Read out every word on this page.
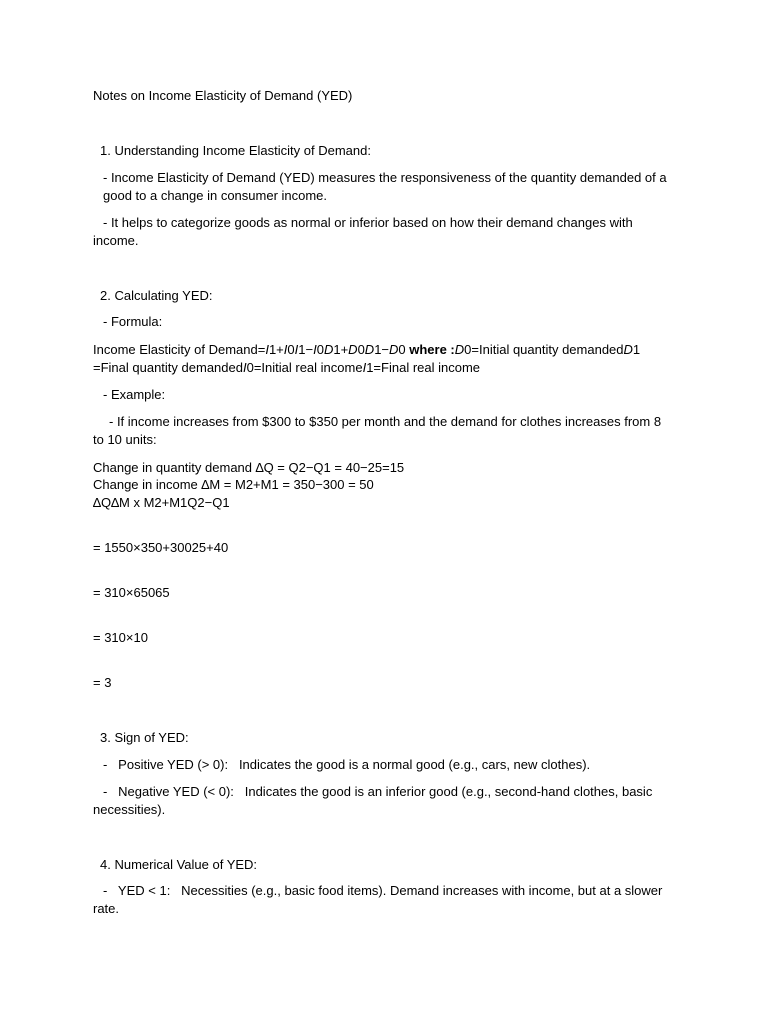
Notes on Income Elasticity of Demand (YED)
1. Understanding Income Elasticity of Demand:
- Income Elasticity of Demand (YED) measures the responsiveness of the quantity demanded of a good to a change in consumer income.
- It helps to categorize goods as normal or inferior based on how their demand changes with income.
2. Calculating YED:
- Formula:
Income Elasticity of Demand=I1+I0I1−I0D1+D0D1−D0 where :D0=Initial quantity demandedD1
=Final quantity demandedI0=Initial real incomeI1=Final real income
- Example:
- If income increases from $300 to $350 per month and the demand for clothes increases from 8 to 10 units:
Change in quantity demand ∆Q = Q2−Q1 = 40−25=15
Change in income ∆M = M2+M1 = 350−300 = 50
∆Q∆M x M2+M1Q2−Q1
= 1550×350+30025+40
= 310×65065
= 310×10
= 3
3. Sign of YED:
-   Positive YED (> 0):   Indicates the good is a normal good (e.g., cars, new clothes).
-   Negative YED (< 0):   Indicates the good is an inferior good (e.g., second-hand clothes, basic necessities).
4. Numerical Value of YED:
-   YED < 1:   Necessities (e.g., basic food items). Demand increases with income, but at a slower rate.
